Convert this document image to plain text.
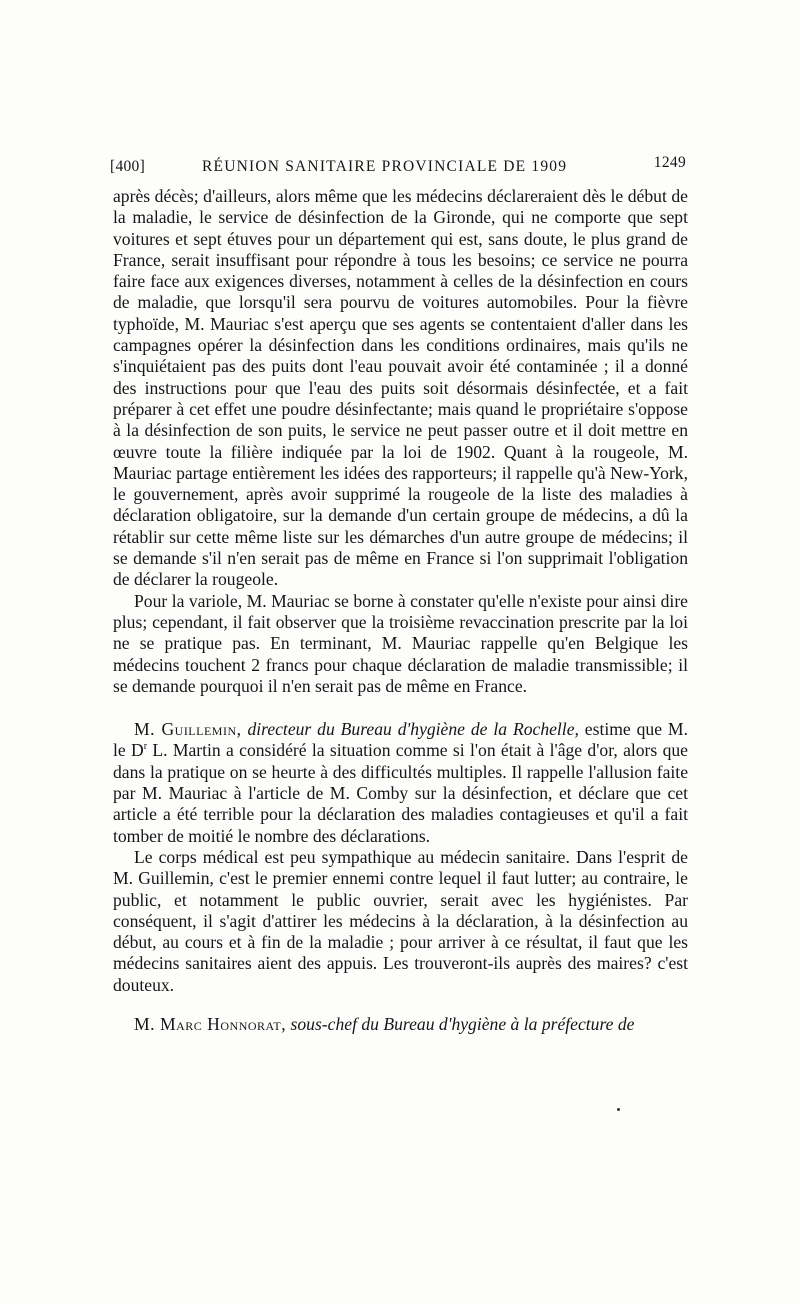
[400]	RÉUNION SANITAIRE PROVINCIALE DE 1909	1249

après décès; d'ailleurs, alors même que les médecins déclareraient dès le début de la maladie, le service de désinfection de la Gironde, qui ne comporte que sept voitures et sept étuves pour un département qui est, sans doute, le plus grand de France, serait insuffisant pour répondre à tous les besoins; ce service ne pourra faire face aux exigences diverses, notamment à celles de la désinfection en cours de maladie, que lorsqu'il sera pourvu de voitures automobiles. Pour la fièvre typhoïde, M. Mauriac s'est aperçu que ses agents se contentaient d'aller dans les campagnes opérer la désinfection dans les conditions ordinaires, mais qu'ils ne s'inquiétaient pas des puits dont l'eau pouvait avoir été contaminée ; il a donné des instructions pour que l'eau des puits soit désormais désinfectée, et a fait préparer à cet effet une poudre désinfectante; mais quand le propriétaire s'oppose à la désinfection de son puits, le service ne peut passer outre et il doit mettre en œuvre toute la filière indiquée par la loi de 1902. Quant à la rougeole, M. Mauriac partage entièrement les idées des rapporteurs; il rappelle qu'à New-York, le gouvernement, après avoir supprimé la rougeole de la liste des maladies à déclaration obligatoire, sur la demande d'un certain groupe de médecins, a dû la rétablir sur cette même liste sur les démarches d'un autre groupe de médecins; il se demande s'il n'en serait pas de même en France si l'on supprimait l'obligation de déclarer la rougeole.

Pour la variole, M. Mauriac se borne à constater qu'elle n'existe pour ainsi dire plus; cependant, il fait observer que la troisième revaccination prescrite par la loi ne se pratique pas. En terminant, M. Mauriac rappelle qu'en Belgique les médecins touchent 2 francs pour chaque déclaration de maladie transmissible; il se demande pourquoi il n'en serait pas de même en France.

M. Guillemin, directeur du Bureau d'hygiène de la Rochelle, estime que M. le $D^r$ L. Martin a considéré la situation comme si l'on était à l'âge d'or, alors que dans la pratique on se heurte à des difficultés multiples. Il rappelle l'allusion faite par M. Mauriac à l'article de M. Comby sur la désinfection, et déclare que cet article a été terrible pour la déclaration des maladies contagieuses et qu'il a fait tomber de moitié le nombre des déclarations.

Le corps médical est peu sympathique au médecin sanitaire. Dans l'esprit de M. Guillemin, c'est le premier ennemi contre lequel il faut lutter; au contraire, le public, et notamment le public ouvrier, serait avec les hygiénistes. Par conséquent, il s'agit d'attirer les médecins à la déclaration, à la désinfection au début, au cours et à fin de la maladie ; pour arriver à ce résultat, il faut que les médecins sanitaires aient des appuis. Les trouveront-ils auprès des maires? c'est douteux.

M. Marc Honnorat, sous-chef du Bureau d'hygiène à la préfecture de
